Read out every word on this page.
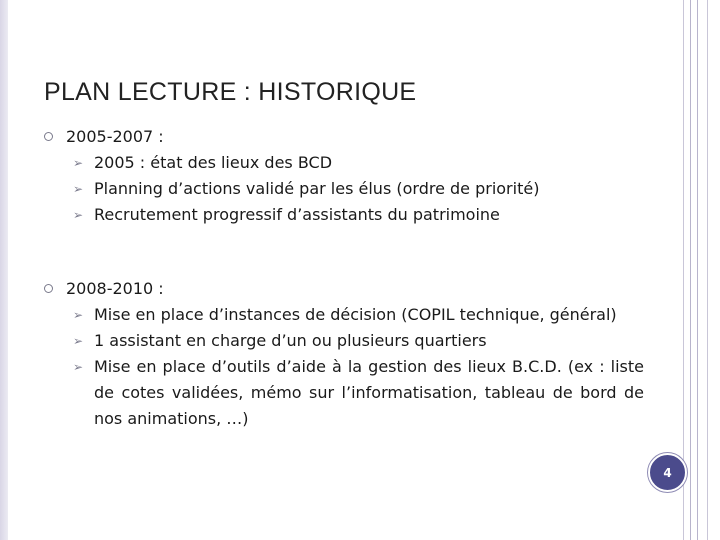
PLAN LECTURE : HISTORIQUE
2005-2007 :
➢ 2005 : état des lieux des BCD
➢ Planning d’actions validé par les élus (ordre de priorité)
➢ Recrutement progressif d’assistants du patrimoine
2008-2010 :
➢ Mise en place d’instances de décision (COPIL technique, général)
➢ 1 assistant en charge d’un ou plusieurs quartiers
➢ Mise en place d’outils d’aide à la gestion des lieux B.C.D. (ex : liste de cotes validées, mémo sur l’informatisation, tableau de bord de nos animations, …)
4
